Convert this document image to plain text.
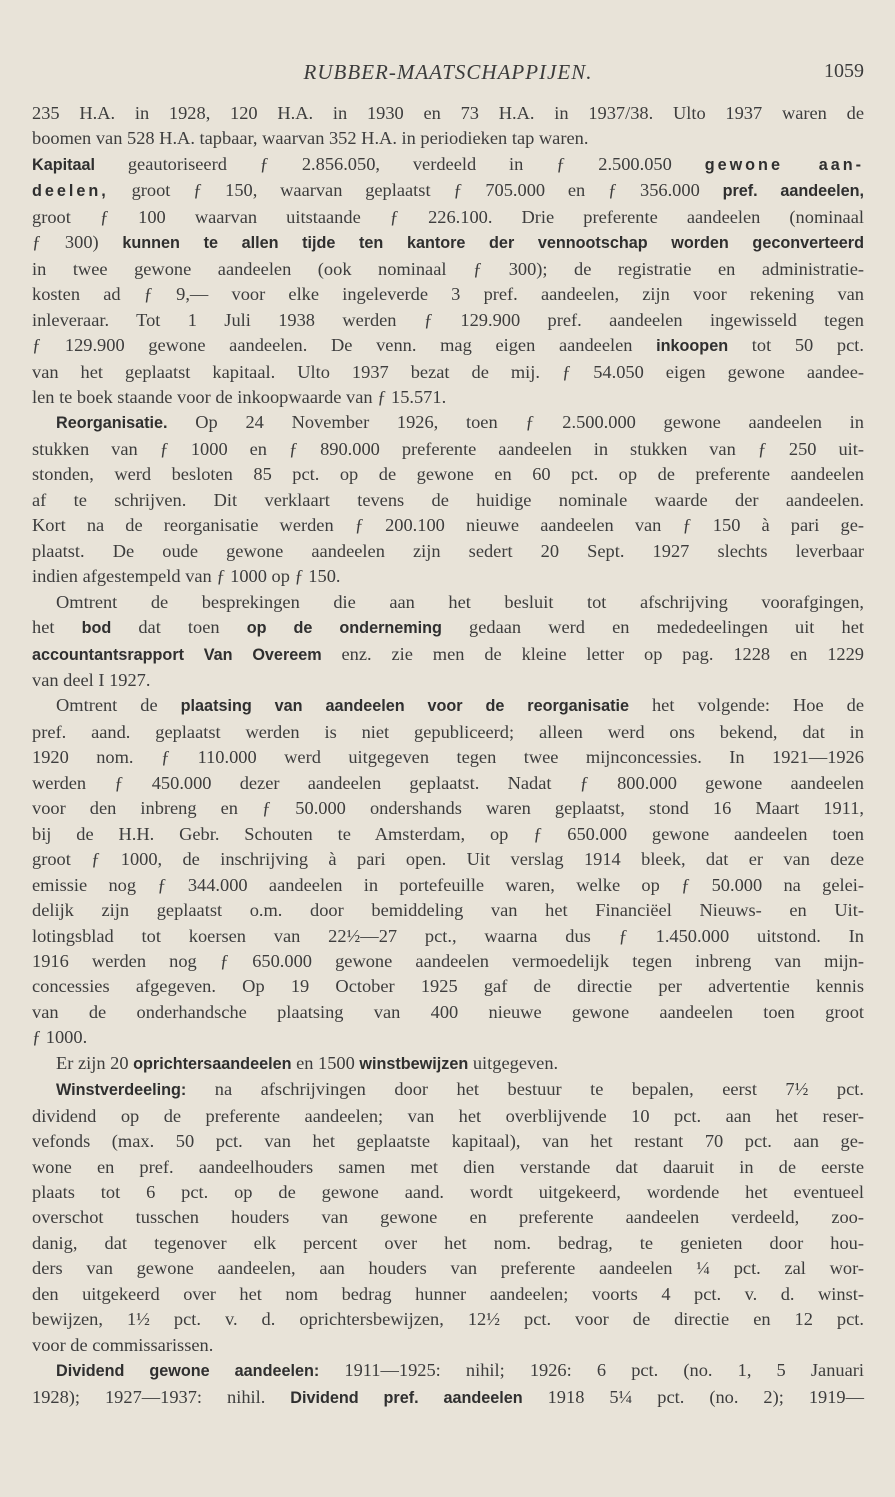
RUBBER-MAATSCHAPPIJEN.	1059
235 H.A. in 1928, 120 H.A. in 1930 en 73 H.A. in 1937/38. Ulto 1937 waren de
boomen van 528 H.A. tapbaar, waarvan 352 H.A. in periodieken tap waren.
Kapitaal geautoriseerd ƒ 2.856.050, verdeeld in ƒ 2.500.050 gewone aan-
deelen, groot ƒ 150, waarvan geplaatst ƒ 705.000 en ƒ 356.000 pref. aandeelen,
groot ƒ 100 waarvan uitstaande ƒ 226.100. Drie preferente aandeelen (nominaal
ƒ 300) kunnen te allen tijde ten kantore der vennootschap worden geconverteerd
in twee gewone aandeelen (ook nominaal ƒ 300); de registratie en administratie-
kosten ad ƒ 9,— voor elke ingeleverde 3 pref. aandeelen, zijn voor rekening van
inleveraar. Tot 1 Juli 1938 werden ƒ 129.900 pref. aandeelen ingewisseld tegen
ƒ 129.900 gewone aandeelen. De venn. mag eigen aandeelen inkoopen tot 50 pct.
van het geplaatst kapitaal. Ulto 1937 bezat de mij. ƒ 54.050 eigen gewone aandee-
len te boek staande voor de inkoopwaarde van ƒ 15.571.
Reorganisatie. Op 24 November 1926, toen ƒ 2.500.000 gewone aandeelen in
stukken van ƒ 1000 en ƒ 890.000 preferente aandeelen in stukken van ƒ 250 uit-
stonden, werd besloten 85 pct. op de gewone en 60 pct. op de preferente aandeelen
af te schrijven. Dit verklaart tevens de huidige nominale waarde der aandeelen.
Kort na de reorganisatie werden ƒ 200.100 nieuwe aandeelen van ƒ 150 à pari ge-
plaatst. De oude gewone aandeelen zijn sedert 20 Sept. 1927 slechts leverbaar
indien afgestempeld van ƒ 1000 op ƒ 150.
Omtrent de besprekingen die aan het besluit tot afschrijving voorafgingen,
het bod dat toen op de onderneming gedaan werd en mededeelingen uit het
accountantsrapport Van Overeem enz. zie men de kleine letter op pag. 1228 en 1229
van deel I 1927.
Omtrent de plaatsing van aandeelen voor de reorganisatie het volgende: Hoe de
pref. aand. geplaatst werden is niet gepubliceerd; alleen werd ons bekend, dat in
1920 nom. ƒ 110.000 werd uitgegeven tegen twee mijnconcessies. In 1921—1926
werden ƒ 450.000 dezer aandeelen geplaatst. Nadat ƒ 800.000 gewone aandeelen
voor den inbreng en ƒ 50.000 ondershands waren geplaatst, stond 16 Maart 1911,
bij de H.H. Gebr. Schouten te Amsterdam, op ƒ 650.000 gewone aandeelen toen
groot ƒ 1000, de inschrijving à pari open. Uit verslag 1914 bleek, dat er van deze
emissie nog ƒ 344.000 aandeelen in portefeuille waren, welke op ƒ 50.000 na gelei-
delijk zijn geplaatst o.m. door bemiddeling van het Financiëel Nieuws- en Uit-
lotingsblad tot koersen van 22½—27 pct., waarna dus ƒ 1.450.000 uitstond. In
1916 werden nog ƒ 650.000 gewone aandeelen vermoedelijk tegen inbreng van mijn-
concessies afgegeven. Op 19 October 1925 gaf de directie per advertentie kennis
van de onderhandsche plaatsing van 400 nieuwe gewone aandeelen toen groot
ƒ 1000.
Er zijn 20 oprichtersaandeelen en 1500 winstbewijzen uitgegeven.
Winstverdeeling: na afschrijvingen door het bestuur te bepalen, eerst 7½ pct.
dividend op de preferente aandeelen; van het overblijvende 10 pct. aan het reser-
vefonds (max. 50 pct. van het geplaatste kapitaal), van het restant 70 pct. aan ge-
wone en pref. aandeelhouders samen met dien verstande dat daaruit in de eerste
plaats tot 6 pct. op de gewone aand. wordt uitgekeerd, wordende het eventueel
overschot tusschen houders van gewone en preferente aandeelen verdeeld, zoo-
danig, dat tegenover elk percent over het nom. bedrag, te genieten door hou-
ders van gewone aandeelen, aan houders van preferente aandeelen ¼ pct. zal wor-
den uitgekeerd over het nom bedrag hunner aandeelen; voorts 4 pct. v. d. winst-
bewijzen, 1½ pct. v. d. oprichtersbewijzen, 12½ pct. voor de directie en 12 pct.
voor de commissarissen.
Dividend gewone aandeelen: 1911—1925: nihil; 1926: 6 pct. (no. 1, 5 Januari
1928); 1927—1937: nihil. Dividend pref. aandeelen 1918 5¼ pct. (no. 2); 1919—
